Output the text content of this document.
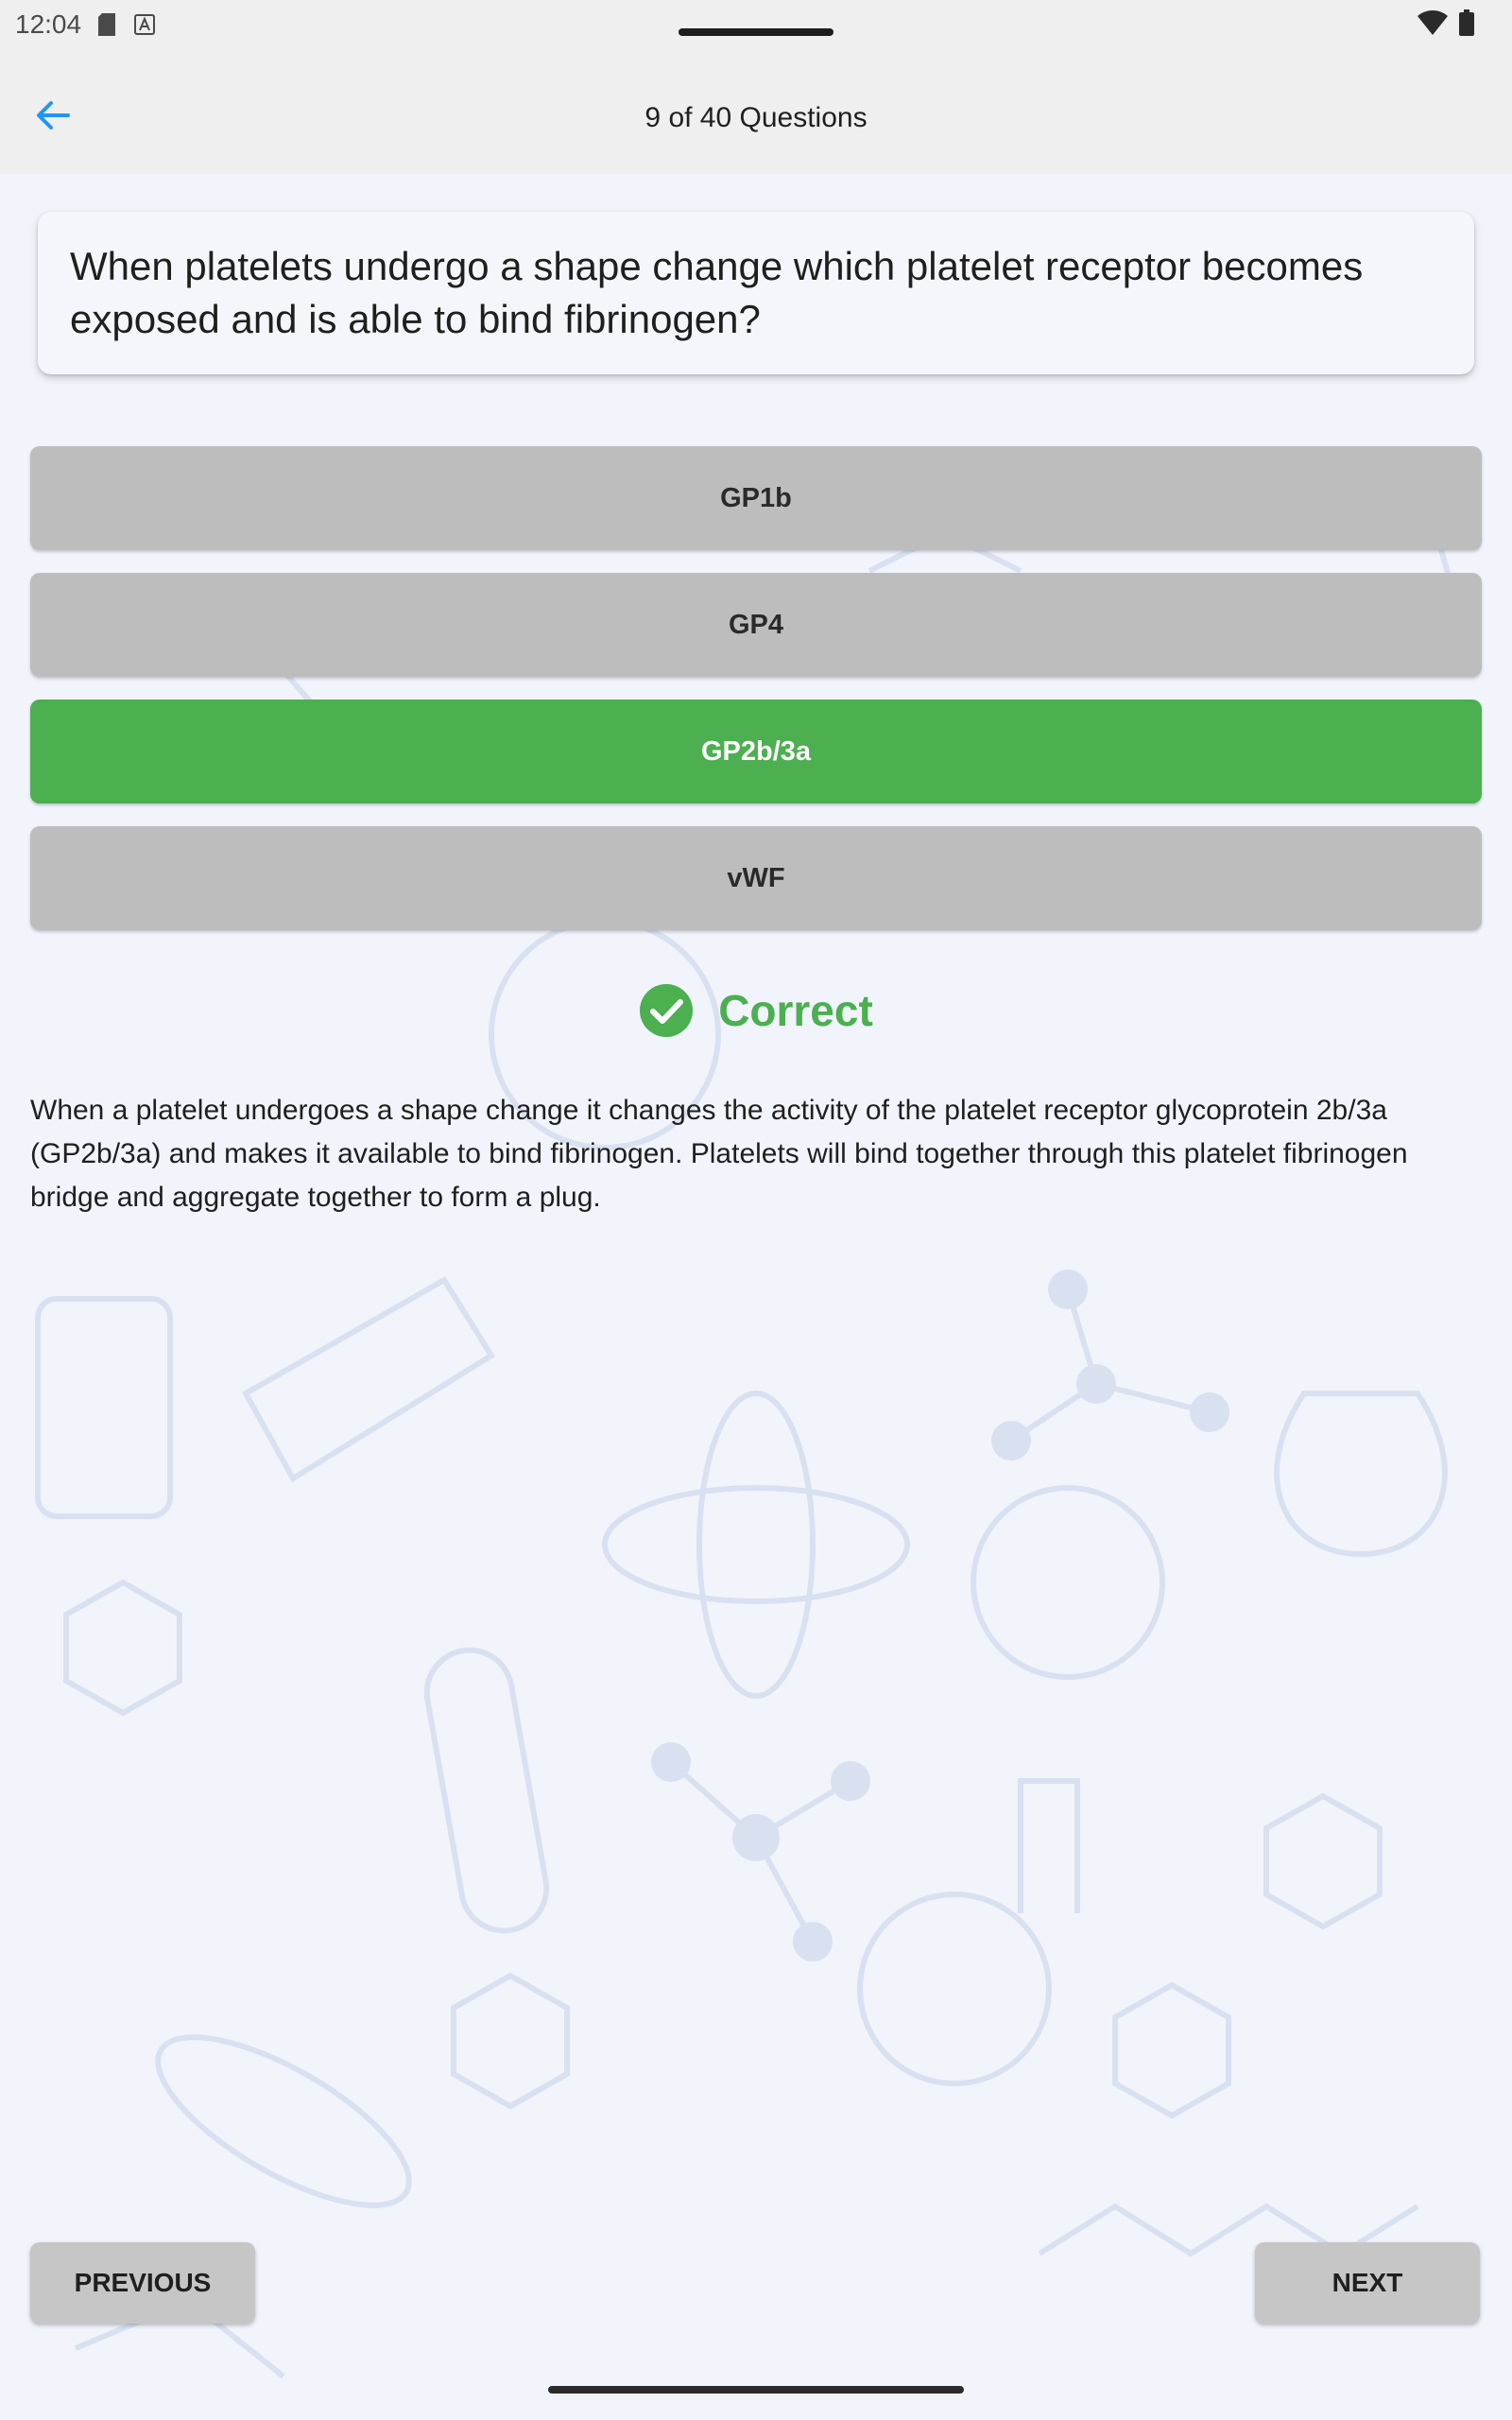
12:04
9 of 40 Questions

When platelets undergo a shape change which platelet receptor becomes exposed and is able to bind fibrinogen?

GP1b
GP4
GP2b/3a
vWF
Correct

When a platelet undergoes a shape change it changes the activity of the platelet receptor glycoprotein 2b/3a (GP2b/3a) and makes it available to bind fibrinogen. Platelets will bind together through this platelet fibrinogen bridge and aggregate together to form a plug.

PREVIOUS	NEXT
